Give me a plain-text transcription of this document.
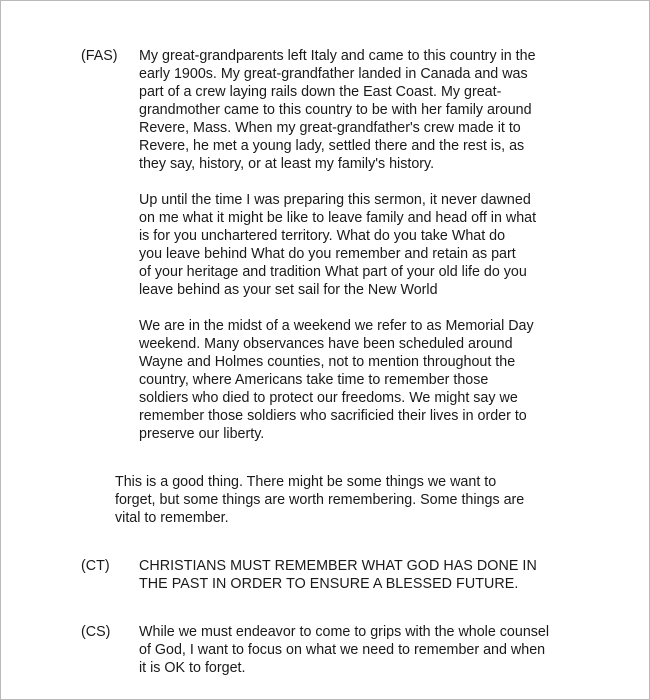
(FAS)	My great-grandparents left Italy and came to this country in the
early 1900s. My great-grandfather landed in Canada and was
part of a crew laying rails down the East Coast. My great-
grandmother came to this country to be with her family around
Revere, Mass. When my great-grandfather's crew made it to
Revere, he met a young lady, settled there and the rest is, as
they say, history, or at least my family's history.

Up until the time I was preparing this sermon, it never dawned
on me what it might be like to leave family and head off in what
is for you unchartered territory. What do you take What do
you leave behind What do you remember and retain as part
of your heritage and tradition What part of your old life do you
leave behind as your set sail for the New World

We are in the midst of a weekend we refer to as Memorial Day
weekend. Many observances have been scheduled around
Wayne and Holmes counties, not to mention throughout the
country, where Americans take time to remember those
soldiers who died to protect our freedoms. We might say we
remember those soldiers who sacrificied their lives in order to
preserve our liberty.

This is a good thing. There might be some things we want to
forget, but some things are worth remembering. Some things are
vital to remember.

(CT)	CHRISTIANS MUST REMEMBER WHAT GOD HAS DONE IN
THE PAST IN ORDER TO ENSURE A BLESSED FUTURE.

(CS)	While we must endeavor to come to grips with the whole counsel
of God, I want to focus on what we need to remember and when
it is OK to forget.
